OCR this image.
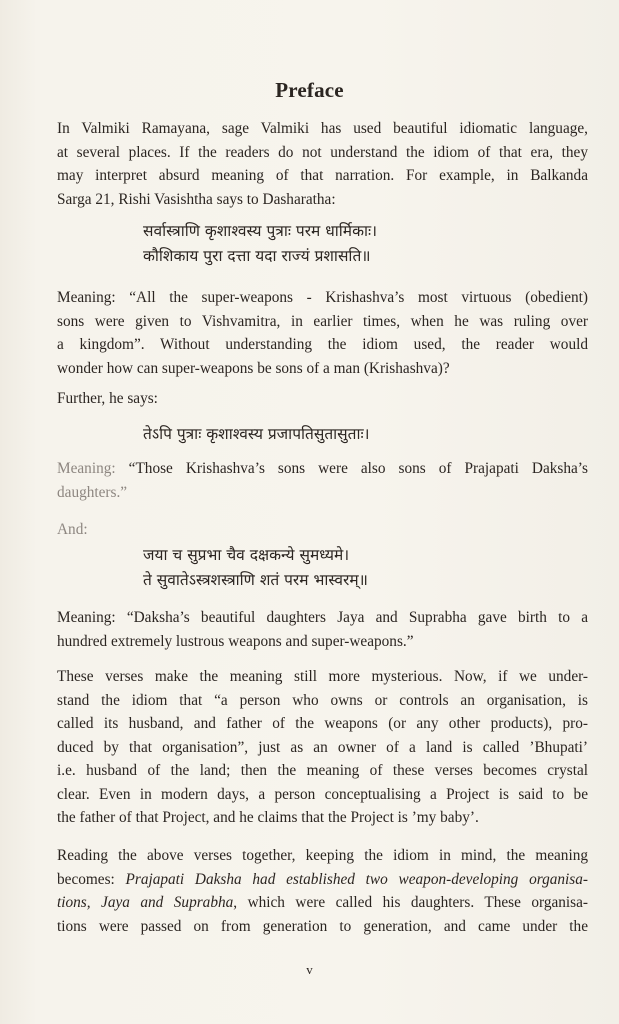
Preface
In Valmiki Ramayana, sage Valmiki has used beautiful idiomatic language,
at several places. If the readers do not understand the idiom of that era, they
may interpret absurd meaning of that narration. For example, in Balkanda
Sarga 21, Rishi Vasishtha says to Dasharatha:
सर्वास्त्राणि कृशाश्वस्य पुत्राः परम धार्मिकाः।
कौशिकाय पुरा दत्ता यदा राज्यं प्रशासति॥
Meaning: “All the super-weapons - Krishashva’s most virtuous (obedient)
sons were given to Vishvamitra, in earlier times, when he was ruling over
a kingdom”. Without understanding the idiom used, the reader would
wonder how can super-weapons be sons of a man (Krishashva)?
Further, he says:
तेऽपि पुत्राः कृशाश्वस्य प्रजापतिसुतासुताः।
Meaning: “Those Krishashva’s sons were also sons of Prajapati Daksha’s
daughters.”
And:
जया च सुप्रभा चैव दक्षकन्ये सुमध्यमे।
ते सुवातेऽस्त्रशस्त्राणि शतं परम भास्वरम्॥
Meaning: “Daksha’s beautiful daughters Jaya and Suprabha gave birth to a
hundred extremely lustrous weapons and super-weapons.”
These verses make the meaning still more mysterious. Now, if we under-
stand the idiom that “a person who owns or controls an organisation, is
called its husband, and father of the weapons (or any other products), pro-
duced by that organisation”, just as an owner of a land is called ’Bhupati’
i.e. husband of the land; then the meaning of these verses becomes crystal
clear. Even in modern days, a person conceptualising a Project is said to be
the father of that Project, and he claims that the Project is ’my baby’.
Reading the above verses together, keeping the idiom in mind, the meaning
becomes: Prajapati Daksha had established two weapon-developing organisa-
tions, Jaya and Suprabha, which were called his daughters. These organisa-
tions were passed on from generation to generation, and came under the
v
